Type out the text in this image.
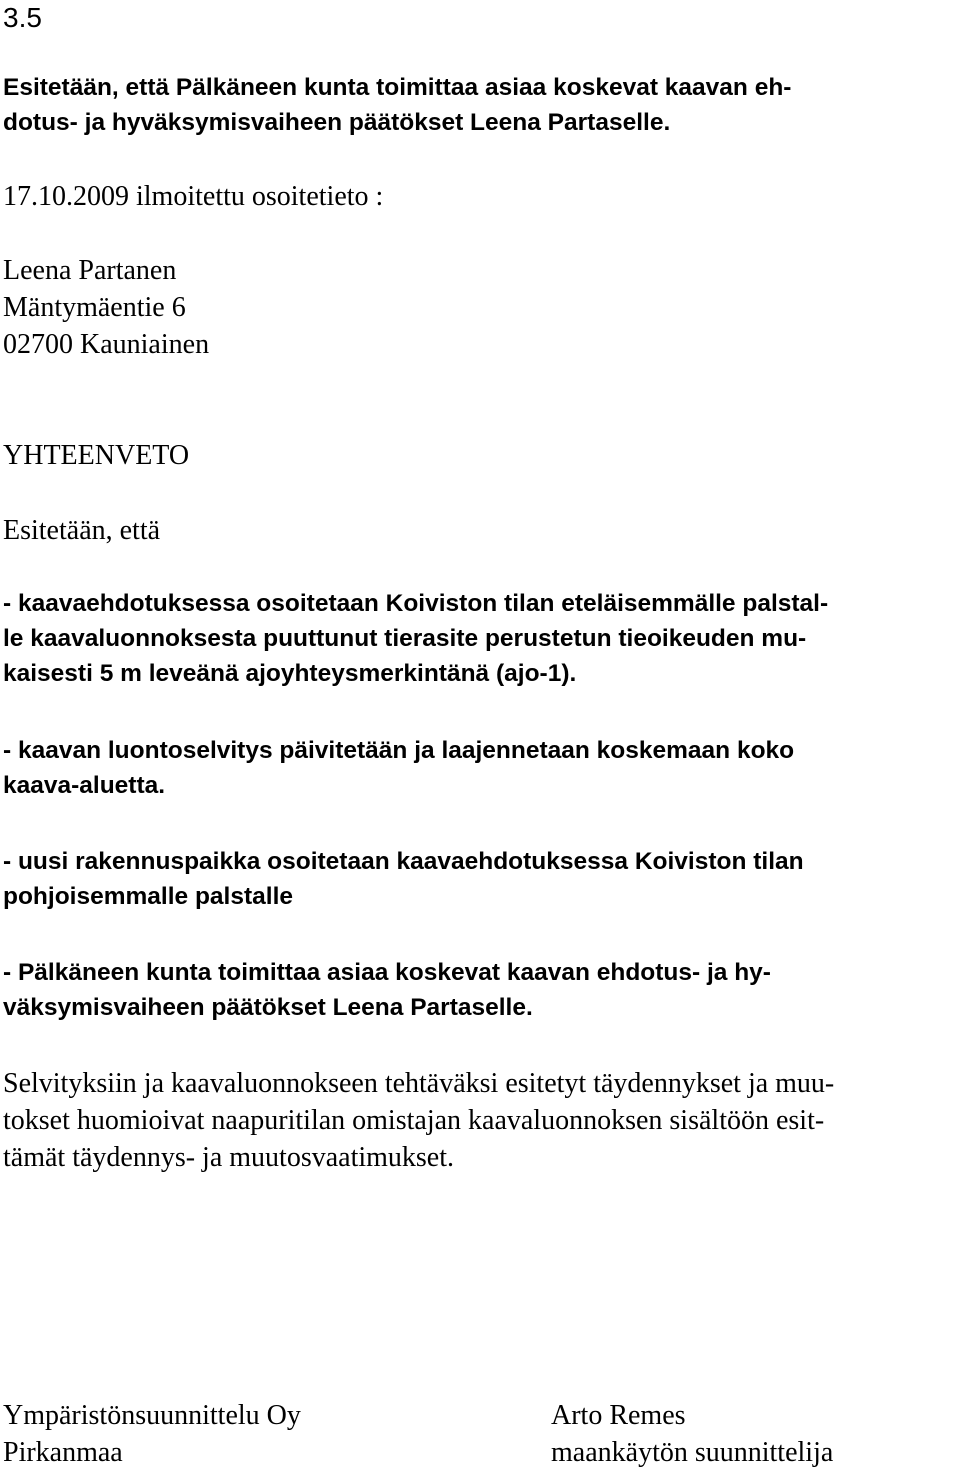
3.5
Esitetään, että Pälkäneen kunta toimittaa asiaa koskevat kaavan eh-
dotus- ja hyväksymisvaiheen päätökset Leena Partaselle.
17.10.2009 ilmoitettu osoitetieto :
Leena Partanen
Mäntymäentie 6
02700 Kauniainen
YHTEENVETO
Esitetään, että
- kaavaehdotuksessa osoitetaan Koiviston tilan eteläisemmälle palstal-
le kaavaluonnoksesta puuttunut tierasite perustetun tieoikeuden mu-
kaisesti 5 m leveänä ajoyhteysmerkintänä (ajo-1).
- kaavan luontoselvitys päivitetään ja laajennetaan koskemaan koko
kaava-aluetta.
- uusi rakennuspaikka osoitetaan kaavaehdotuksessa Koiviston tilan
pohjoisemmalle palstalle
- Pälkäneen kunta toimittaa asiaa koskevat kaavan ehdotus- ja hy-
väksymisvaiheen päätökset Leena Partaselle.
Selvityksiin ja kaavaluonnokseen tehtäväksi esitetyt täydennykset ja muu-
tokset huomioivat naapuritilan omistajan kaavaluonnoksen sisältöön esit-
tämät täydennys- ja muutosvaatimukset.
Ympäristönsuunnittelu Oy
Pirkanmaa
Arto Remes
maankäytön suunnittelija
